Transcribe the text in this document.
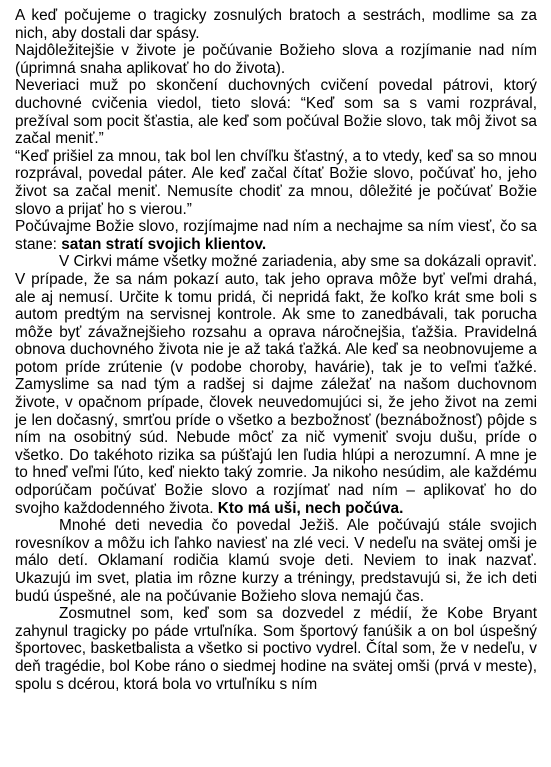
A keď počujeme o tragicky zosnulých bratoch a sestrách, modlime sa za nich, aby dostali dar spásy.

Najdôležitejšie v živote je počúvanie Božieho slova a rozjímanie nad ním (úprimná snaha aplikovať ho do života).

Neveriaci muž po skončení duchovných cvičení povedal pátrovi, ktorý duchovné cvičenia viedol, tieto slová: “Keď som sa s vami rozprával, prežíval som pocit šťastia, ale keď som počúval Božie slovo, tak môj život sa začal meniť.”

“Keď prišiel za mnou, tak bol len chvíľku šťastný, a to vtedy, keď sa so mnou rozprával, povedal páter. Ale keď začal čítať Božie slovo, počúvať ho, jeho život sa začal meniť. Nemusíte chodiť za mnou, dôležité je počúvať Božie slovo a prijať ho s vierou.”

Počúvajme Božie slovo, rozjímajme nad ním a nechajme sa ním viesť, čo sa stane: satan stratí svojich klientov.

V Cirkvi máme všetky možné zariadenia, aby sme sa dokázali opraviť. V prípade, že sa nám pokazí auto, tak jeho oprava môže byť veľmi drahá, ale aj nemusí. Určite k tomu pridá, či nepridá fakt, že koľko krát sme boli s autom predtým na servisnej kontrole. Ak sme to zanedbávali, tak porucha môže byť závažnejšieho rozsahu a oprava náročnejšia, ťažšia. Pravidelná obnova duchovného života nie je až taká ťažká. Ale keď sa neobnovujeme a potom príde zrútenie (v podobe choroby, havárie), tak je to veľmi ťažké. Zamyslime sa nad tým a radšej si dajme záležať na našom duchovnom živote, v opačnom prípade, človek neuvedomujúci si, že jeho život na zemi je len dočasný, smrťou príde o všetko a bezbožnosť (beznábožnosť) pôjde s ním na osobitný súd. Nebude môcť za nič vymeniť svoju dušu, príde o všetko. Do takéhoto rizika sa púšťajú len ľudia hlúpi a nerozumní. A mne je to hneď veľmi ľúto, keď niekto taký zomrie. Ja nikoho nesúdim, ale každému odporúčam počúvať Božie slovo a rozjímať nad ním – aplikovať ho do svojho každodenného života. Kto má uši, nech počúva.

Mnohé deti nevedia čo povedal Ježiš. Ale počúvajú stále svojich rovesníkov a môžu ich ľahko naviesť na zlé veci. V nedeľu na svätej omši je málo detí. Oklamaní rodičia klamú svoje deti. Neviem to inak nazvať. Ukazujú im svet, platia im rôzne kurzy a tréningy, predstavujú si, že ich deti budú úspešné, ale na počúvanie Božieho slova nemajú čas.

Zosmutnel som, keď som sa dozvedel z médií, že Kobe Bryant zahynul tragicky po páde vrtuľníka. Som športový fanúšik a on bol úspešný športovec, basketbalista a všetko si poctivo vydrel. Čítal som, že v nedeľu, v deň tragédie, bol Kobe ráno o siedmej hodine na svätej omši (prvá v meste), spolu s dcérou, ktorá bola vo vrtuľníku s ním
